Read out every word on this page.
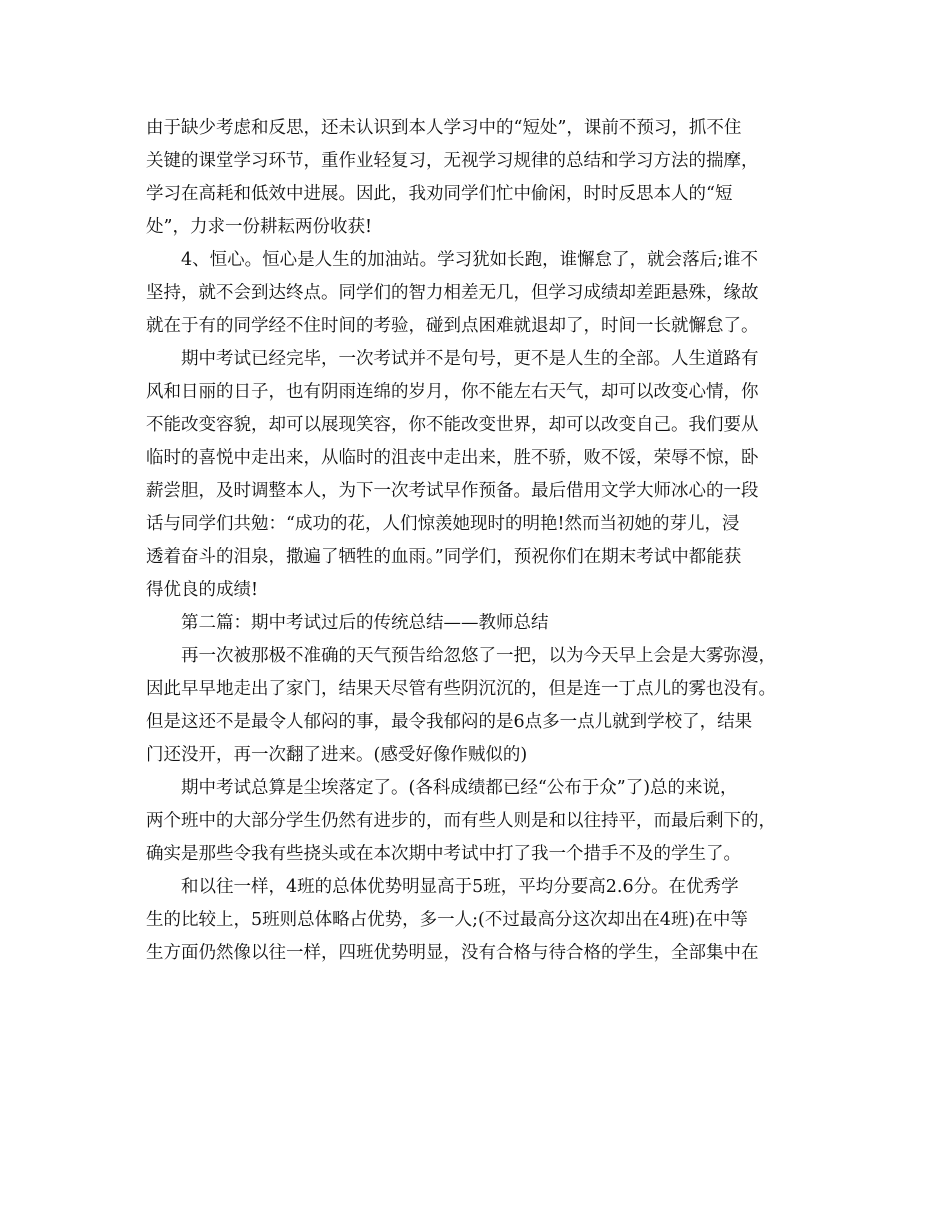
由于缺少考虑和反思，还未认识到本人学习中的“短处”，课前不预习，抓不住
关键的课堂学习环节，重作业轻复习，无视学习规律的总结和学习方法的揣摩，
学习在高耗和低效中进展。因此，我劝同学们忙中偷闲，时时反思本人的“短
处”，力求一份耕耘两份收获!
　　4、恒心。恒心是人生的加油站。学习犹如长跑，谁懈怠了，就会落后;谁不
坚持，就不会到达终点。同学们的智力相差无几，但学习成绩却差距悬殊，缘故
就在于有的同学经不住时间的考验，碰到点困难就退却了，时间一长就懈怠了。
　　期中考试已经完毕，一次考试并不是句号，更不是人生的全部。人生道路有
风和日丽的日子，也有阴雨连绵的岁月，你不能左右天气，却可以改变心情，你
不能改变容貌，却可以展现笑容，你不能改变世界，却可以改变自己。我们要从
临时的喜悦中走出来，从临时的沮丧中走出来，胜不骄，败不馁，荣辱不惊，卧
薪尝胆，及时调整本人，为下一次考试早作预备。最后借用文学大师冰心的一段
话与同学们共勉：“成功的花，人们惊羡她现时的明艳!然而当初她的芽儿，浸
透着奋斗的泪泉，撒遍了牺牲的血雨。”同学们，预祝你们在期末考试中都能获
得优良的成绩!
　　第二篇：期中考试过后的传统总结——教师总结
　　再一次被那极不准确的天气预告给忽悠了一把，以为今天早上会是大雾弥漫，
因此早早地走出了家门，结果天尽管有些阴沉沉的，但是连一丁点儿的雾也没有。
但是这还不是最令人郁闷的事，最令我郁闷的是6点多一点儿就到学校了，结果
门还没开，再一次翻了进来。(感受好像作贼似的)
　　期中考试总算是尘埃落定了。(各科成绩都已经“公布于众”了)总的来说，
两个班中的大部分学生仍然有进步的，而有些人则是和以往持平，而最后剩下的，
确实是那些令我有些挠头或在本次期中考试中打了我一个措手不及的学生了。
　　和以往一样，4班的总体优势明显高于5班，平均分要高2.6分。在优秀学
生的比较上，5班则总体略占优势，多一人;(不过最高分这次却出在4班)在中等
生方面仍然像以往一样，四班优势明显，没有合格与待合格的学生，全部集中在
